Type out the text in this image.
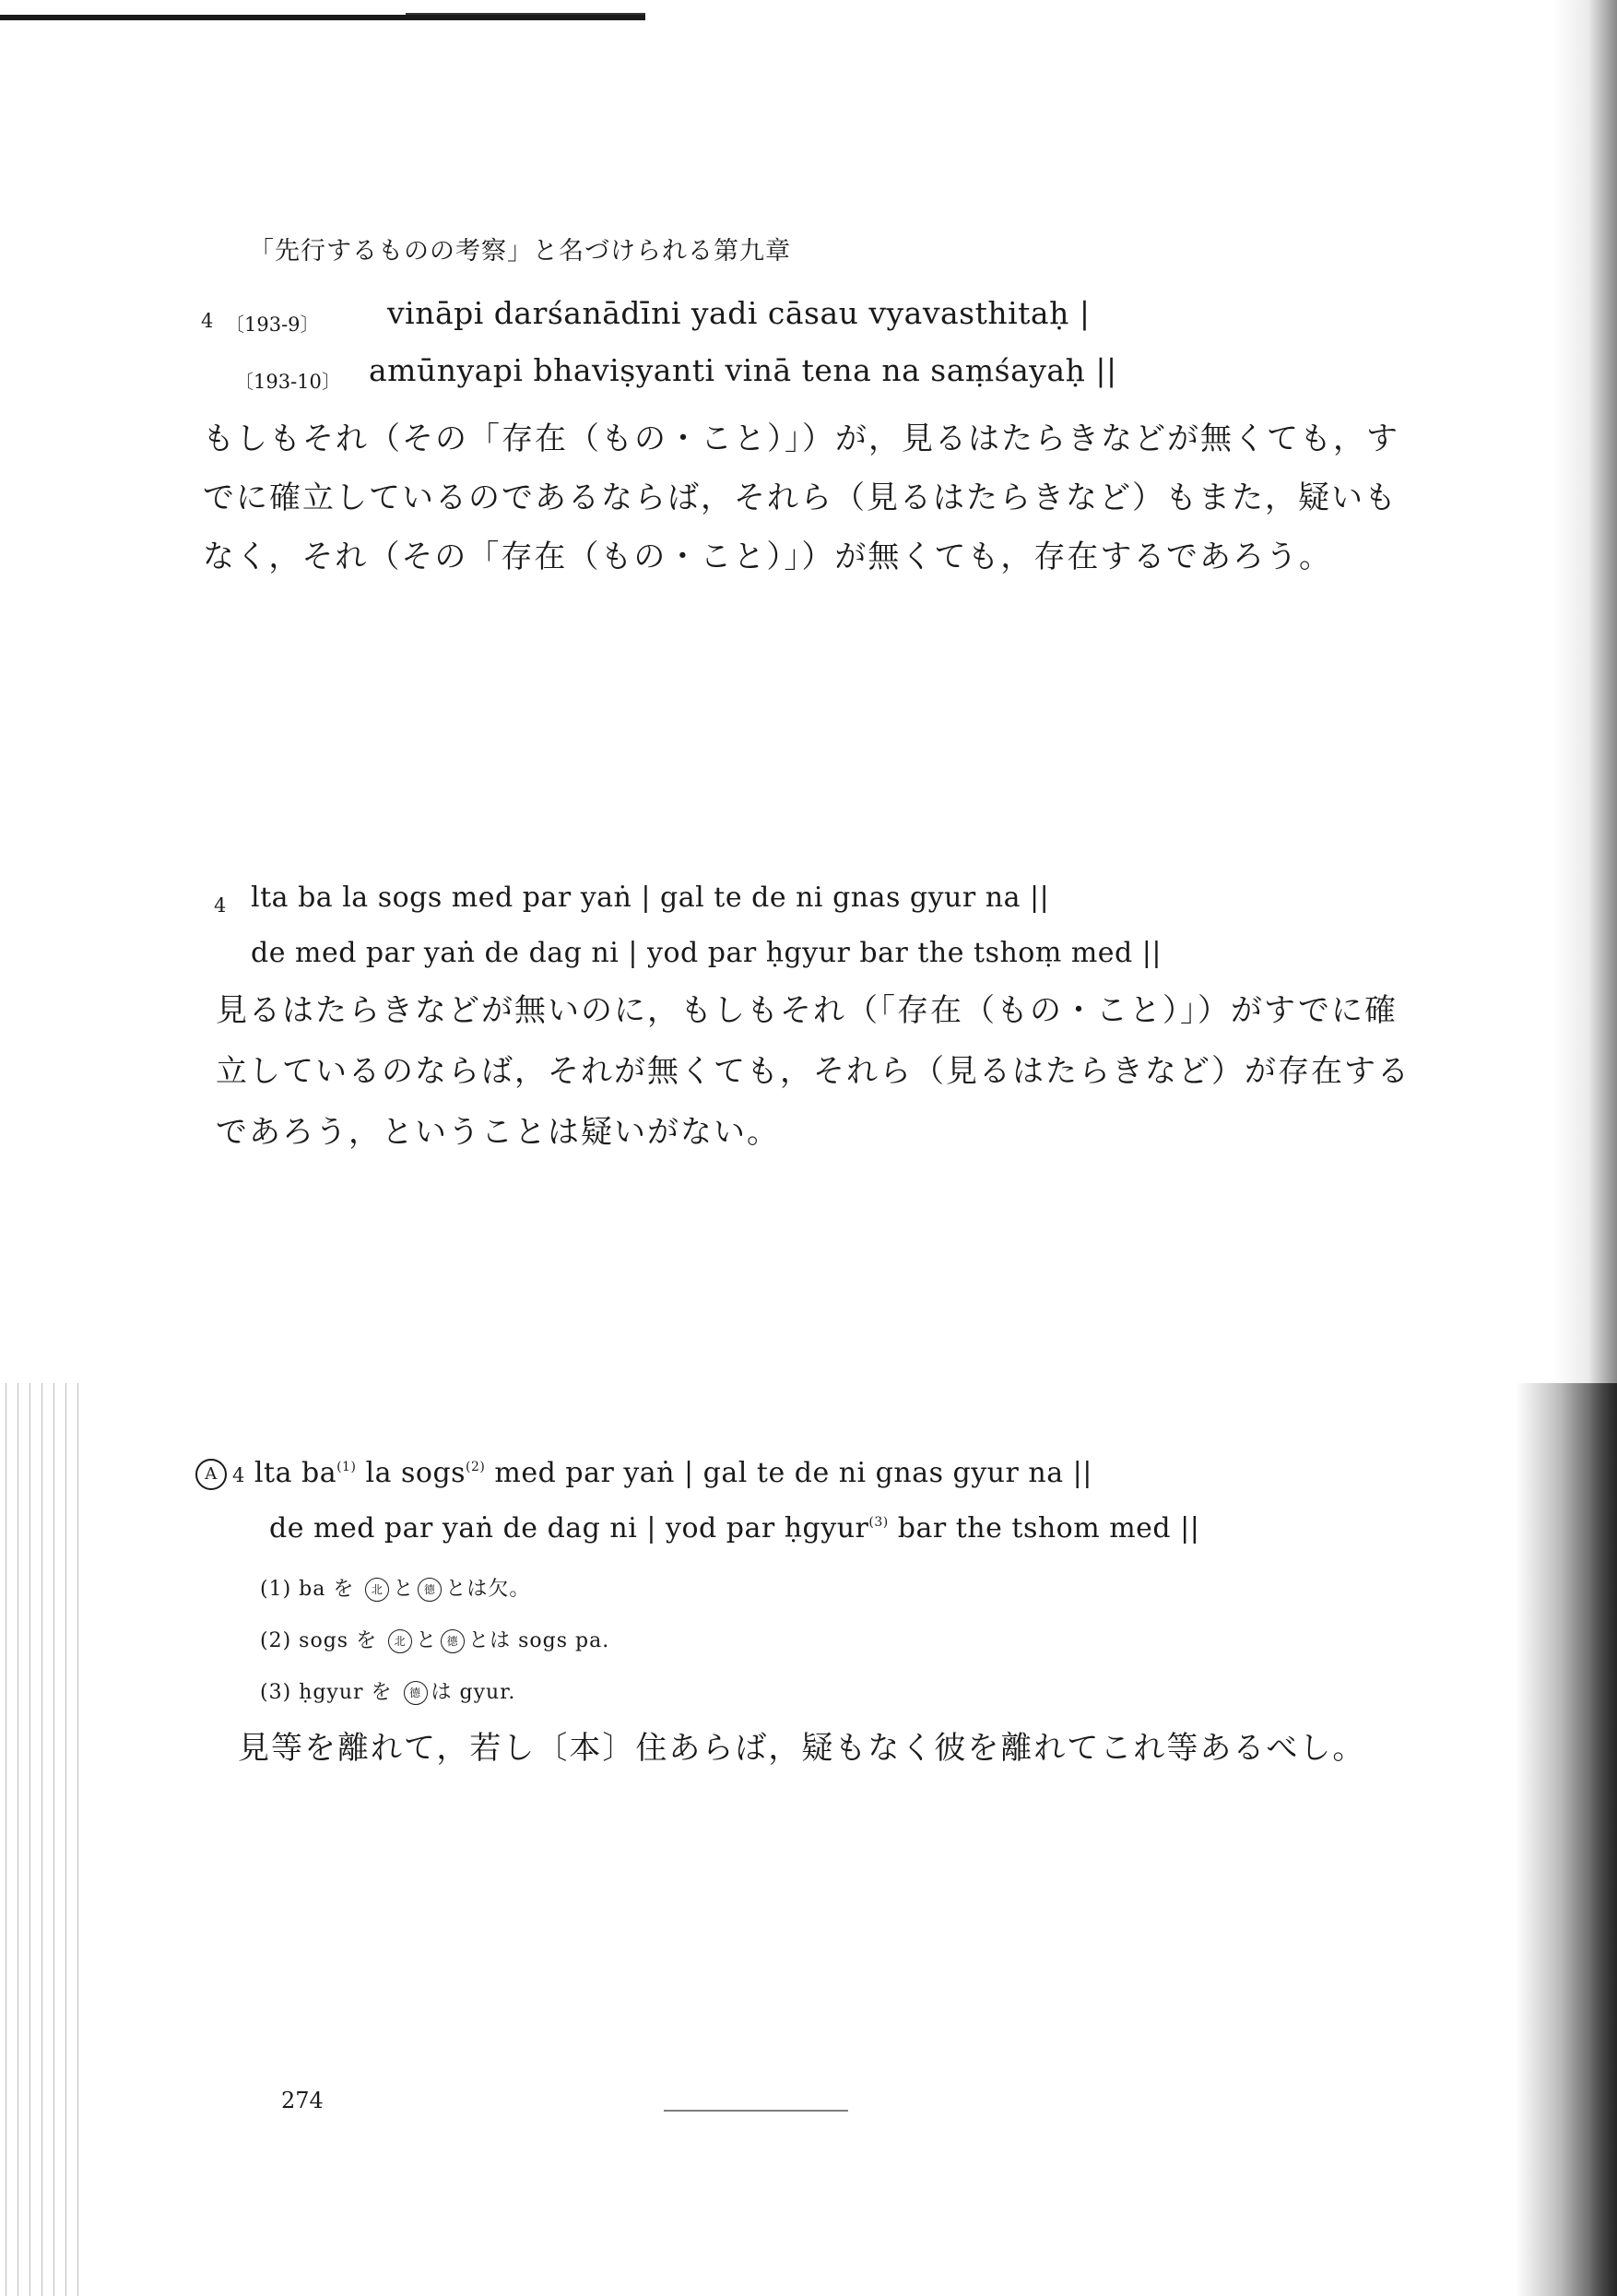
「先行するものの考察」と名づけられる第九章
4 〔193-9〕 vināpi darśanādīni yadi cāsau vyavasthitaḥ |
〔193-10〕 amūnyapi bhaviṣyanti vinā tena na saṃśayaḥ ||
もしもそれ（その「存在（もの・こと）」）が，見るはたらきなどが無くても，す
でに確立しているのであるならば，それら（見るはたらきなど）もまた，疑いも
なく，それ（その「存在（もの・こと）」）が無くても，存在するであろう。
4 lta ba la sogs med par yaṅ | gal te de ni gnas gyur na ||
de med par yaṅ de dag ni | yod par ḥgyur bar the tshoṃ med ||
見るはたらきなどが無いのに，もしもそれ（「存在（もの・こと）」）がすでに確
立しているのならば，それが無くても，それら（見るはたらきなど）が存在する
であろう，ということは疑いがない。
A 4 lta $ba^{(1)}$ la sogs$^{(2)}$ med par yaṅ | gal te de ni gnas gyur na ||
de med par yaṅ de dag ni | yod par ḥgyur$^{(3)}$ bar the tshom med ||
(1) ba を 北 と 德 とは欠。
(2) sogs を 北 と 德 とは sogs pa.
(3) ḥgyur を 德 は gyur.
見等を離れて，若し〔本〕住あらば，疑もなく彼を離れてこれ等あるべし。
274
